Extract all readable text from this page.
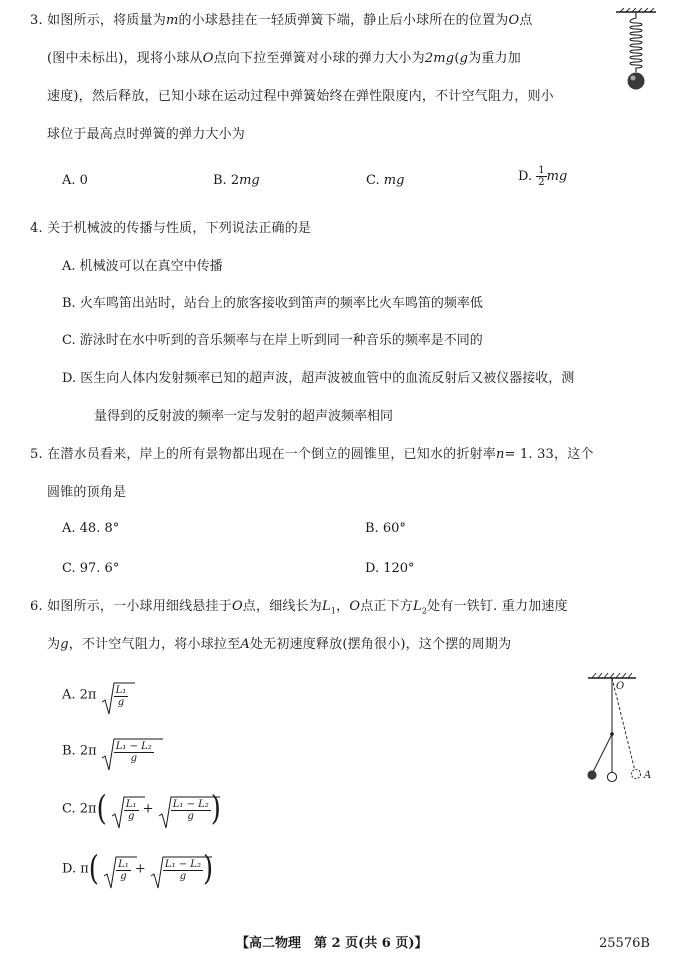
3. 如图所示，将质量为m的小球悬挂在一轻质弹簧下端，静止后小球所在的位置为O点
(图中未标出)，现将小球从O点向下拉至弹簧对小球的弹力大小为2mg(g为重力加
速度)，然后释放，已知小球在运动过程中弹簧始终在弹性限度内，不计空气阻力，则小
球位于最高点时弹簧的弹力大小为
A. 0	B. 2mg	C. mg	D. $\frac{1}{2}$ mg
4. 关于机械波的传播与性质，下列说法正确的是
A. 机械波可以在真空中传播
B. 火车鸣笛出站时，站台上的旅客接收到笛声的频率比火车鸣笛的频率低
C. 游泳时在水中听到的音乐频率与在岸上听到同一种音乐的频率是不同的
D. 医生向人体内发射频率已知的超声波，超声波被血管中的血流反射后又被仪器接收，测
量得到的反射波的频率一定与发射的超声波频率相同
5. 在潜水员看来，岸上的所有景物都出现在一个倒立的圆锥里，已知水的折射率n= 1. 33，这个
圆锥的顶角是
A. 48. 8°	B. 60°
C. 97. 6°	D. 120°
6. 如图所示，一小球用细线悬挂于O点，细线长为$L_1$，O点正下方$L_2$处有一铁钉. 重力加速度
为g，不计空气阻力，将小球拉至A处无初速度释放(摆角很小)，这个摆的周期为
A. $2\pi \frac{\text{L₁}}{g}$
B. $2\pi \frac{\text{L₁ − L₂}}{g}$
C. $2\pi( \frac{\text{L₁}}{g} + \frac{\text{L₁ − L₂}}{g}$ )
D. $\pi( \frac{\text{L₁}}{g} + \frac{\text{L₁ − L₂}}{g}$ )
O
A
【高二物理　第 2 页(共 6 页)】	25576B
